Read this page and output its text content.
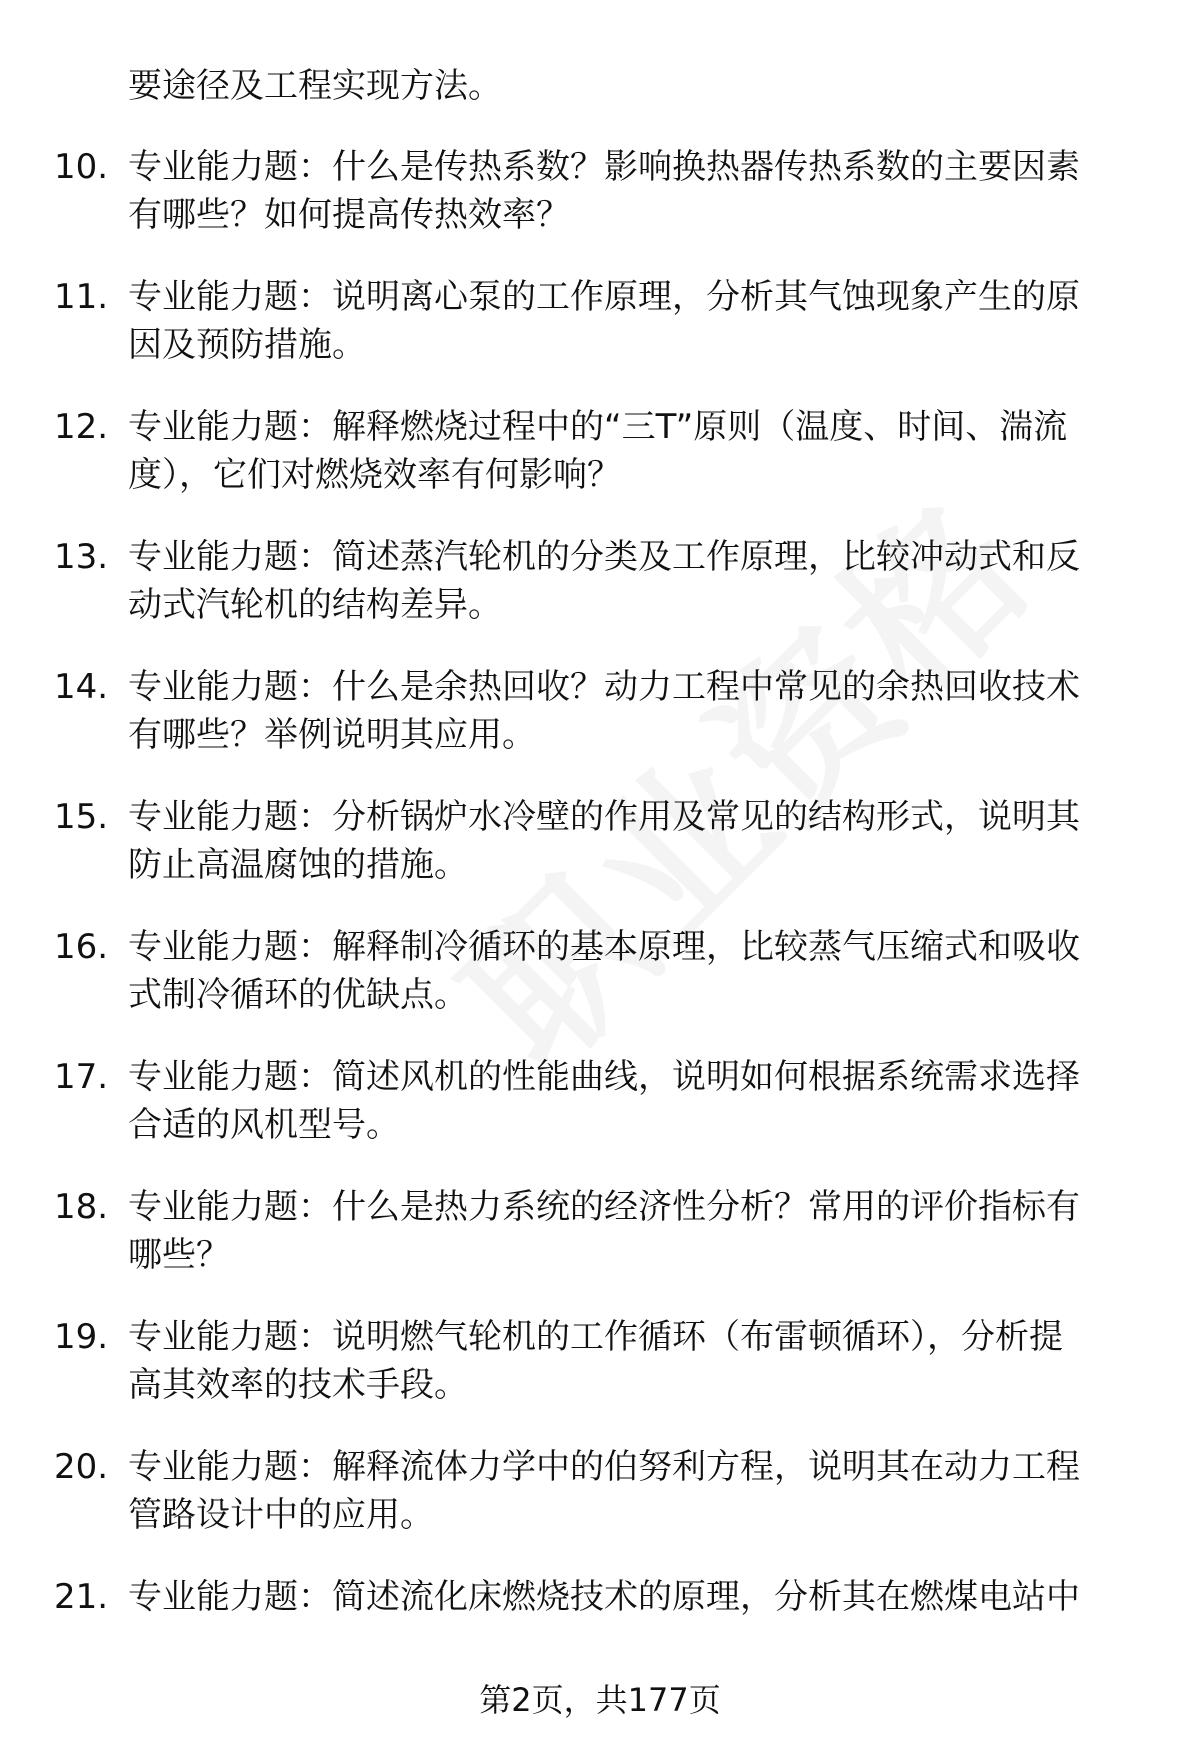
要途径及工程实现方法。
10. 专业能力题：什么是传热系数？影响换热器传热系数的主要因素
有哪些？如何提高传热效率？
11. 专业能力题：说明离心泵的工作原理，分析其气蚀现象产生的原
因及预防措施。
12. 专业能力题：解释燃烧过程中的“三T”原则（温度、时间、湍流
度），它们对燃烧效率有何影响？
13. 专业能力题：简述蒸汽轮机的分类及工作原理，比较冲动式和反
动式汽轮机的结构差异。
14. 专业能力题：什么是余热回收？动力工程中常见的余热回收技术
有哪些？举例说明其应用。
15. 专业能力题：分析锅炉水冷壁的作用及常见的结构形式，说明其
防止高温腐蚀的措施。
16. 专业能力题：解释制冷循环的基本原理，比较蒸气压缩式和吸收
式制冷循环的优缺点。
17. 专业能力题：简述风机的性能曲线，说明如何根据系统需求选择
合适的风机型号。
18. 专业能力题：什么是热力系统的经济性分析？常用的评价指标有
哪些？
19. 专业能力题：说明燃气轮机的工作循环（布雷顿循环），分析提
高其效率的技术手段。
20. 专业能力题：解释流体力学中的伯努利方程，说明其在动力工程
管路设计中的应用。
21. 专业能力题：简述流化床燃烧技术的原理，分析其在燃煤电站中
第2页，共177页
